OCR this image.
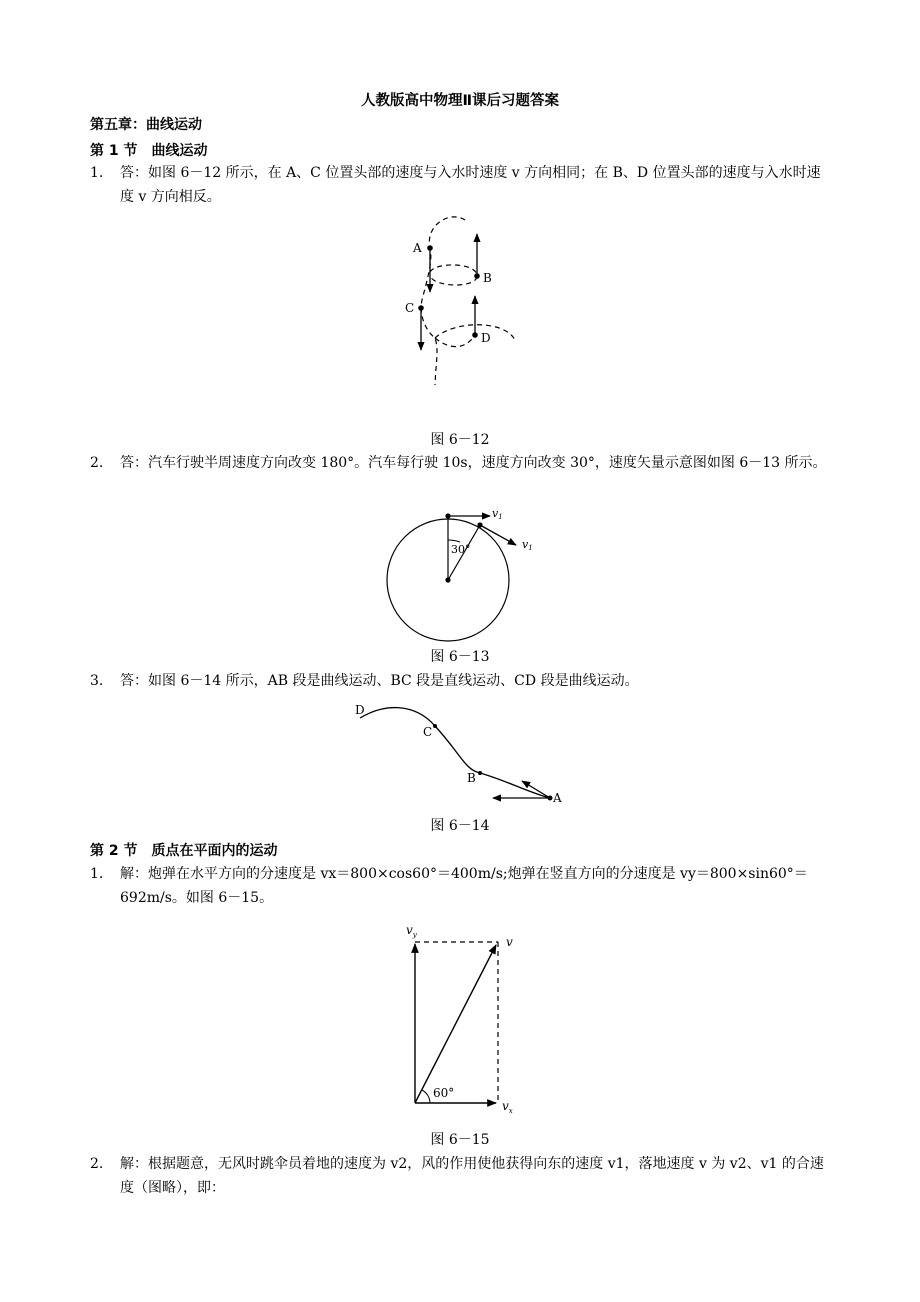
人教版高中物理Ⅱ课后习题答案
第五章：曲线运动
第 1 节　曲线运动
1. 答：如图 6－12 所示，在 A、C 位置头部的速度与入水时速度 v 方向相同；在 B、D 位置头部的速度与入水时速度 v 方向相反。
A
B
C
D
图 6－12
2. 答：汽车行驶半周速度方向改变 180°。汽车每行驶 10s，速度方向改变 30°，速度矢量示意图如图 6－13 所示。
30°
v1
v1
图 6－13
3. 答：如图 6－14 所示，AB 段是曲线运动、BC 段是直线运动、CD 段是曲线运动。
D
C
B
A
图 6－14
第 2 节　质点在平面内的运动
1. 解：炮弹在水平方向的分速度是 vx＝800×cos60°＝400m/s;炮弹在竖直方向的分速度是 vy＝800×sin60°＝692m/s。如图 6－15。
60°
$v_y$	v
$v_x$
图 6－15
2. 解：根据题意，无风时跳伞员着地的速度为 v2，风的作用使他获得向东的速度 v1，落地速度 v 为 v2、v1 的合速度（图略），即：
